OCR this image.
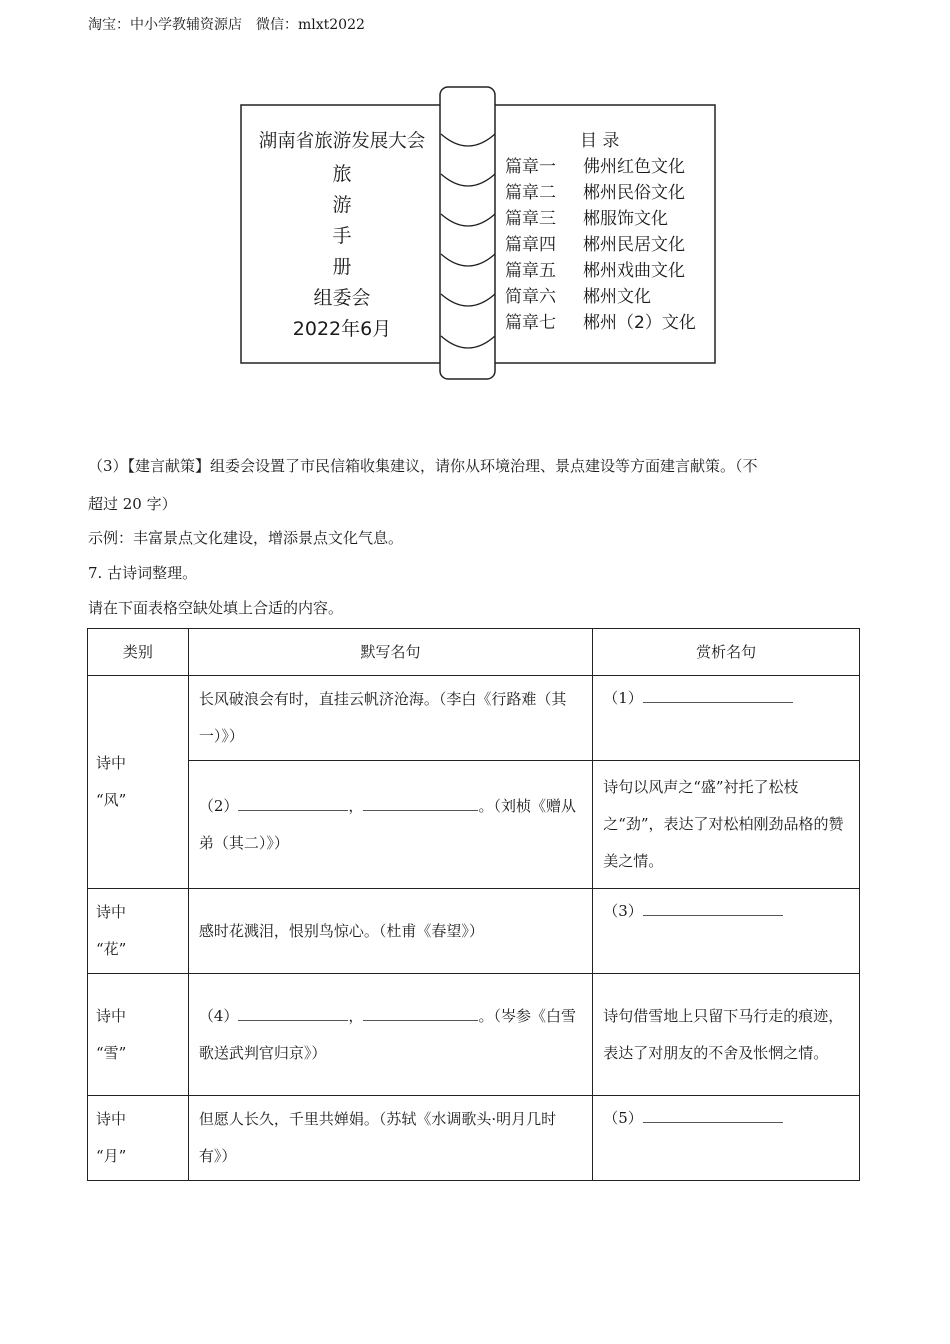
淘宝：中小学教辅资源店　微信：mlxt2022
湖南省旅游发展大会
旅
游
手
册
组委会
2022年6月
目 录
篇章一 佛州红色文化
篇章二 郴州民俗文化
篇章三 郴服饰文化
篇章四 郴州民居文化
篇章五 郴州戏曲文化
简章六 郴州文化
篇章七 郴州（2）文化
（3）【建言献策】组委会设置了市民信箱收集建议，请你从环境治理、景点建设等方面建言献策。（不
超过 20 字）
示例：丰富景点文化建设，增添景点文化气息。
7. 古诗词整理。
请在下面表格空缺处填上合适的内容。
类别	默写名句	赏析名句

诗中
“风”	长风破浪会有时，直挂云帆济沧海。（李白《行路难（其一）》）	（1）
	（2） ， 。（刘桢《赠从弟（其二）》）	诗句以风声之“盛”衬托了松枝之“劲”，表达了对松柏刚劲品格的赞美之情。

诗中
“花”	感时花溅泪，恨别鸟惊心。（杜甫《春望》）	（3）

诗中
“雪”	（4） ， 。（岑参《白雪歌送武判官归京》）	诗句借雪地上只留下马行走的痕迹，表达了对朋友的不舍及怅惘之情。

诗中
“月”	但愿人长久，千里共婵娟。（苏轼《水调歌头·明月几时有》）	（5）
